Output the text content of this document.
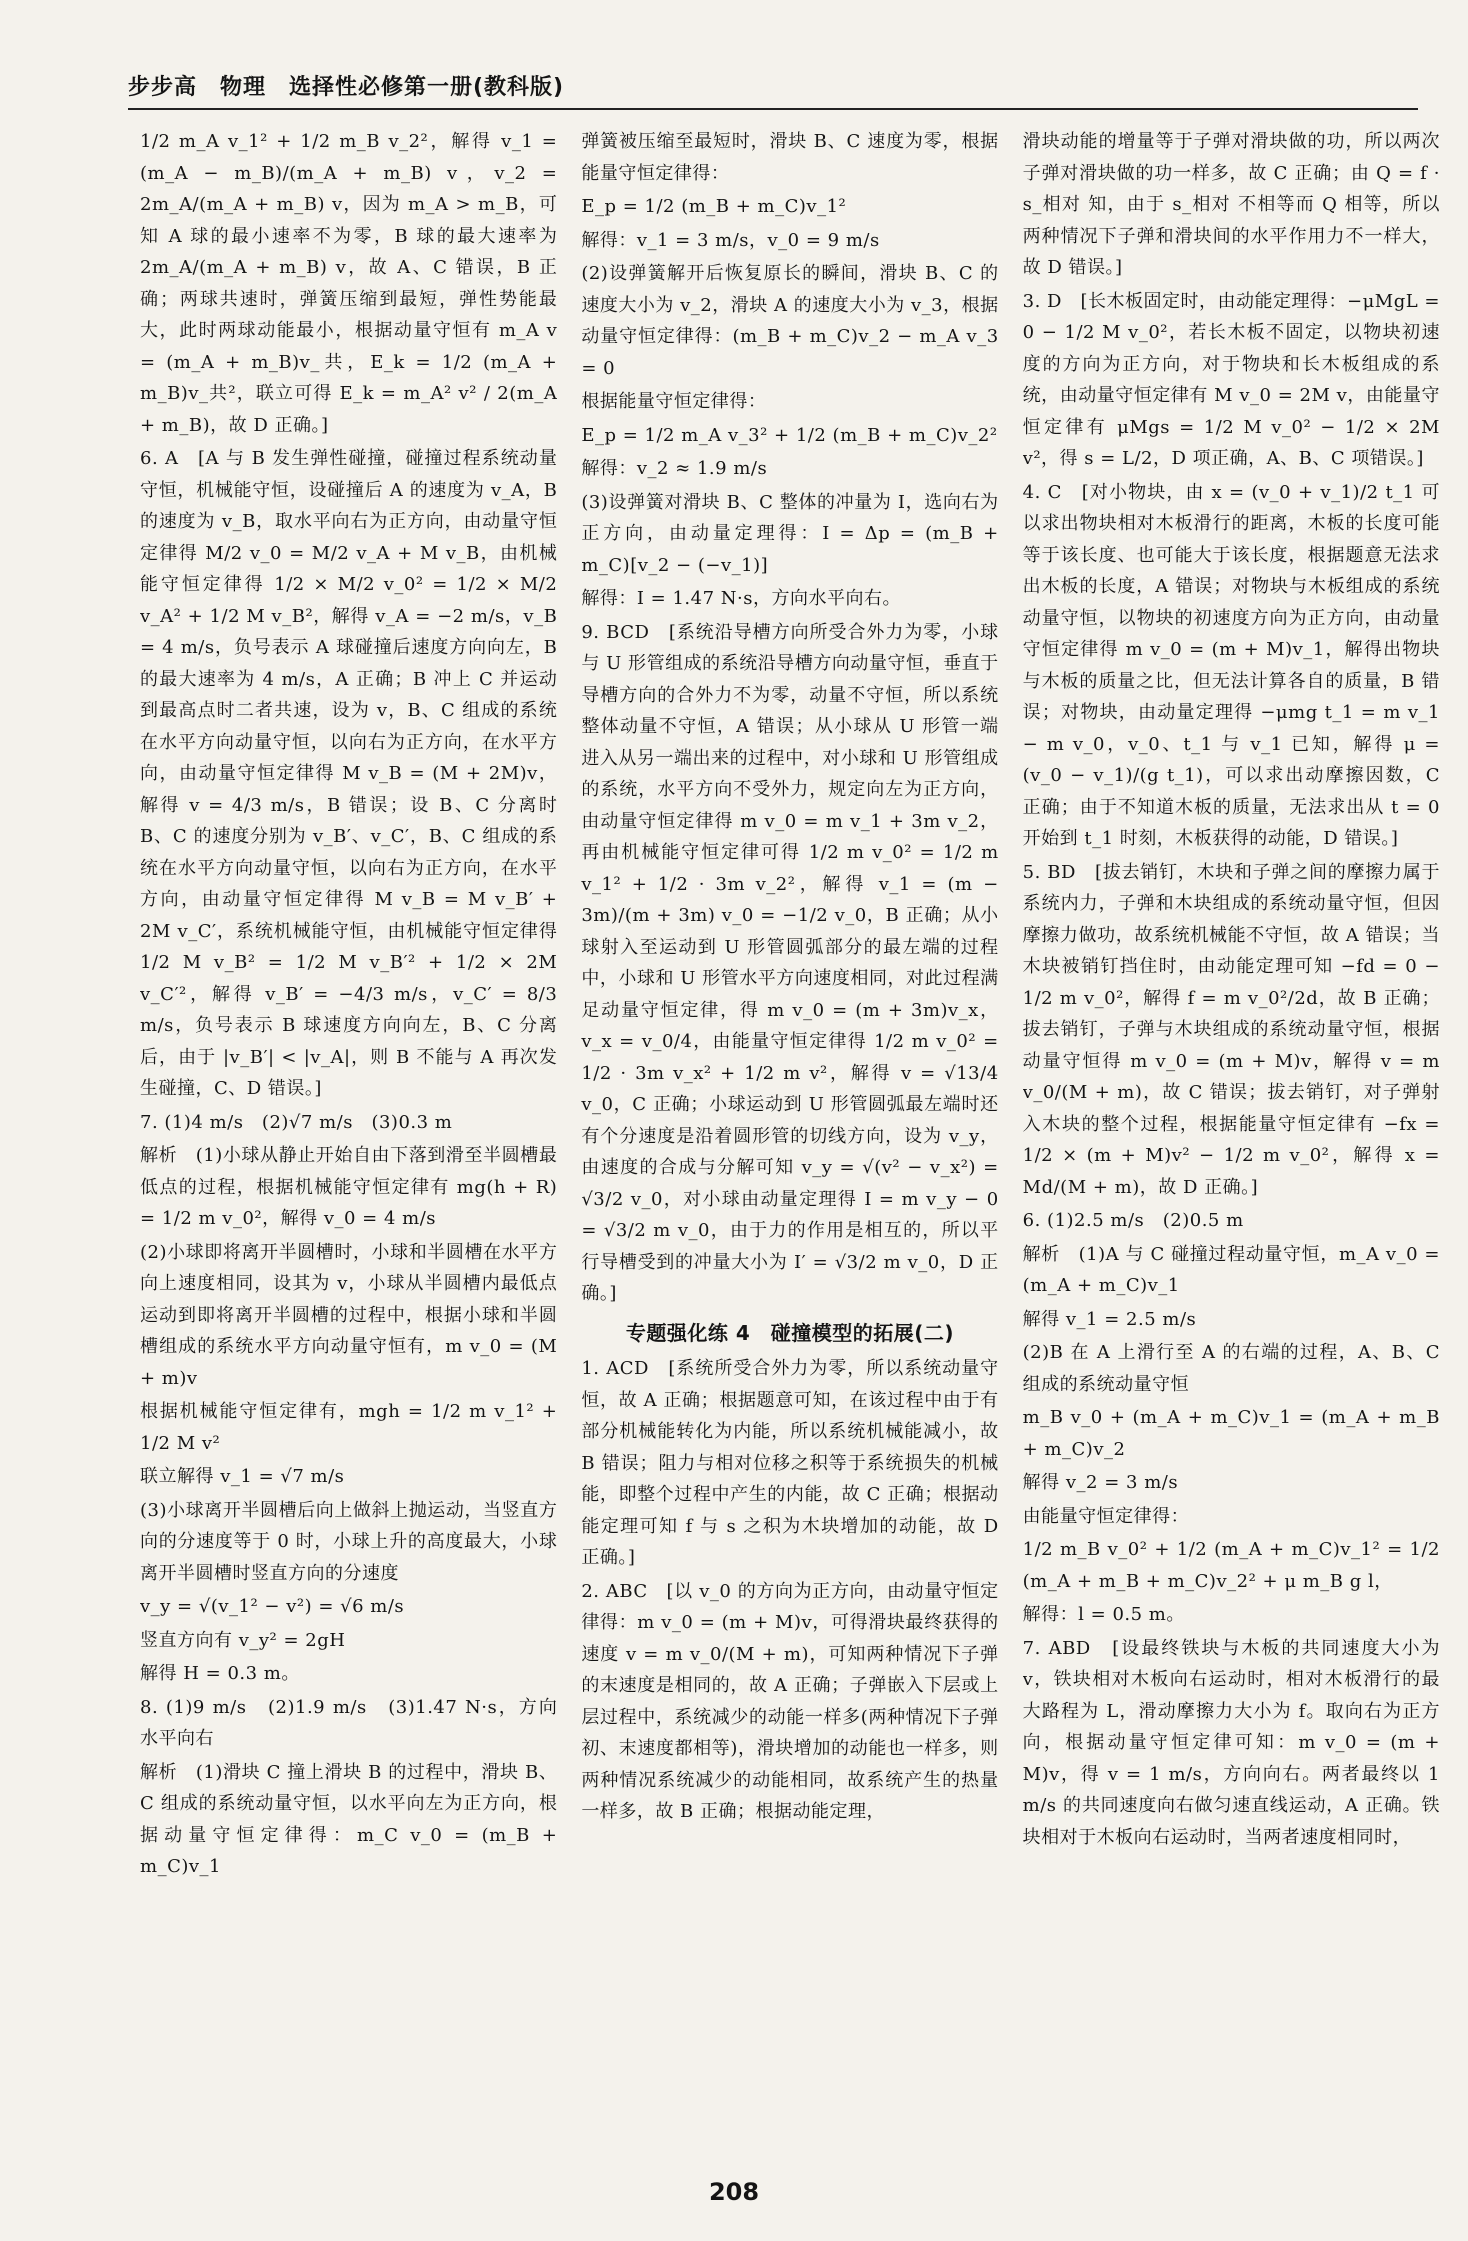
步步高　物理　选择性必修第一册(教科版)

1/2 m_A v_1² + 1/2 m_B v_2²，解得 v_1 = (m_A − m_B)/(m_A + m_B) v，v_2 = 2m_A/(m_A + m_B) v，因为 m_A > m_B，可知 A 球的最小速率不为零，B 球的最大速率为 2m_A/(m_A + m_B) v，故 A、C 错误，B 正确；两球共速时，弹簧压缩到最短，弹性势能最大，此时两球动能最小，根据动量守恒有 m_A v = (m_A + m_B)v_共，E_k = 1/2 (m_A + m_B)v_共²，联立可得 E_k = m_A² v² / 2(m_A + m_B)，故 D 正确。]

6. A　[A 与 B 发生弹性碰撞，碰撞过程系统动量守恒，机械能守恒，设碰撞后 A 的速度为 v_A，B 的速度为 v_B，取水平向右为正方向，由动量守恒定律得 M/2 v_0 = M/2 v_A + M v_B，由机械能守恒定律得 1/2 × M/2 v_0² = 1/2 × M/2 v_A² + 1/2 M v_B²，解得 v_A = −2 m/s，v_B = 4 m/s，负号表示 A 球碰撞后速度方向向左，B 的最大速率为 4 m/s，A 正确；B 冲上 C 并运动到最高点时二者共速，设为 v，B、C 组成的系统在水平方向动量守恒，以向右为正方向，在水平方向，由动量守恒定律得 M v_B = (M + 2M)v，解得 v = 4/3 m/s，B 错误；设 B、C 分离时 B、C 的速度分别为 v_B′、v_C′，B、C 组成的系统在水平方向动量守恒，以向右为正方向，在水平方向，由动量守恒定律得 M v_B = M v_B′ + 2M v_C′，系统机械能守恒，由机械能守恒定律得 1/2 M v_B² = 1/2 M v_B′² + 1/2 × 2M v_C′²，解得 v_B′ = −4/3 m/s，v_C′ = 8/3 m/s，负号表示 B 球速度方向向左，B、C 分离后，由于 |v_B′| < |v_A|，则 B 不能与 A 再次发生碰撞，C、D 错误。]

7. (1)4 m/s　(2)√7 m/s　(3)0.3 m

解析　(1)小球从静止开始自由下落到滑至半圆槽最低点的过程，根据机械能守恒定律有 mg(h + R) = 1/2 m v_0²，解得 v_0 = 4 m/s

(2)小球即将离开半圆槽时，小球和半圆槽在水平方向上速度相同，设其为 v，小球从半圆槽内最低点运动到即将离开半圆槽的过程中，根据小球和半圆槽组成的系统水平方向动量守恒有，m v_0 = (M + m)v

根据机械能守恒定律有，mgh = 1/2 m v_1² + 1/2 M v²

联立解得 v_1 = √7 m/s

(3)小球离开半圆槽后向上做斜上抛运动，当竖直方向的分速度等于 0 时，小球上升的高度最大，小球离开半圆槽时竖直方向的分速度

v_y = √(v_1² − v²) = √6 m/s

竖直方向有 v_y² = 2gH

解得 H = 0.3 m。

8. (1)9 m/s　(2)1.9 m/s　(3)1.47 N·s，方向水平向右

解析　(1)滑块 C 撞上滑块 B 的过程中，滑块 B、C 组成的系统动量守恒，以水平向左为正方向，根据动量守恒定律得：m_C v_0 = (m_B + m_C)v_1

弹簧被压缩至最短时，滑块 B、C 速度为零，根据能量守恒定律得：

E_p = 1/2 (m_B + m_C)v_1²

解得：v_1 = 3 m/s，v_0 = 9 m/s

(2)设弹簧解开后恢复原长的瞬间，滑块 B、C 的速度大小为 v_2，滑块 A 的速度大小为 v_3，根据动量守恒定律得：(m_B + m_C)v_2 − m_A v_3 = 0

根据能量守恒定律得：

E_p = 1/2 m_A v_3² + 1/2 (m_B + m_C)v_2²

解得：v_2 ≈ 1.9 m/s

(3)设弹簧对滑块 B、C 整体的冲量为 I，选向右为正方向，由动量定理得：I = Δp = (m_B + m_C)[v_2 − (−v_1)]

解得：I = 1.47 N·s，方向水平向右。

9. BCD　[系统沿导槽方向所受合外力为零，小球与 U 形管组成的系统沿导槽方向动量守恒，垂直于导槽方向的合外力不为零，动量不守恒，所以系统整体动量不守恒，A 错误；从小球从 U 形管一端进入从另一端出来的过程中，对小球和 U 形管组成的系统，水平方向不受外力，规定向左为正方向，由动量守恒定律得 m v_0 = m v_1 + 3m v_2，再由机械能守恒定律可得 1/2 m v_0² = 1/2 m v_1² + 1/2 · 3m v_2²，解得 v_1 = (m − 3m)/(m + 3m) v_0 = −1/2 v_0，B 正确；从小球射入至运动到 U 形管圆弧部分的最左端的过程中，小球和 U 形管水平方向速度相同，对此过程满足动量守恒定律，得 m v_0 = (m + 3m)v_x，v_x = v_0/4，由能量守恒定律得 1/2 m v_0² = 1/2 · 3m v_x² + 1/2 m v²，解得 v = √13/4 v_0，C 正确；小球运动到 U 形管圆弧最左端时还有个分速度是沿着圆形管的切线方向，设为 v_y，由速度的合成与分解可知 v_y = √(v² − v_x²) = √3/2 v_0，对小球由动量定理得 I = m v_y − 0 = √3/2 m v_0，由于力的作用是相互的，所以平行导槽受到的冲量大小为 I′ = √3/2 m v_0，D 正确。]

专题强化练 4　碰撞模型的拓展(二)

1. ACD　[系统所受合外力为零，所以系统动量守恒，故 A 正确；根据题意可知，在该过程中由于有部分机械能转化为内能，所以系统机械能减小，故 B 错误；阻力与相对位移之积等于系统损失的机械能，即整个过程中产生的内能，故 C 正确；根据动能定理可知 f 与 s 之积为木块增加的动能，故 D 正确。]

2. ABC　[以 v_0 的方向为正方向，由动量守恒定律得：m v_0 = (m + M)v，可得滑块最终获得的速度 v = m v_0/(M + m)，可知两种情况下子弹的末速度是相同的，故 A 正确；子弹嵌入下层或上层过程中，系统减少的动能一样多(两种情况下子弹初、末速度都相等)，滑块增加的动能也一样多，则两种情况系统减少的动能相同，故系统产生的热量一样多，故 B 正确；根据动能定理，

滑块动能的增量等于子弹对滑块做的功，所以两次子弹对滑块做的功一样多，故 C 正确；由 Q = f · s_相对 知，由于 s_相对 不相等而 Q 相等，所以两种情况下子弹和滑块间的水平作用力不一样大，故 D 错误。]

3. D　[长木板固定时，由动能定理得：−μMgL = 0 − 1/2 M v_0²，若长木板不固定，以物块初速度的方向为正方向，对于物块和长木板组成的系统，由动量守恒定律有 M v_0 = 2M v，由能量守恒定律有 μMgs = 1/2 M v_0² − 1/2 × 2M v²，得 s = L/2，D 项正确，A、B、C 项错误。]

4. C　[对小物块，由 x = (v_0 + v_1)/2 t_1 可以求出物块相对木板滑行的距离，木板的长度可能等于该长度、也可能大于该长度，根据题意无法求出木板的长度，A 错误；对物块与木板组成的系统动量守恒，以物块的初速度方向为正方向，由动量守恒定律得 m v_0 = (m + M)v_1，解得出物块与木板的质量之比，但无法计算各自的质量，B 错误；对物块，由动量定理得 −μmg t_1 = m v_1 − m v_0，v_0、t_1 与 v_1 已知，解得 μ = (v_0 − v_1)/(g t_1)，可以求出动摩擦因数，C 正确；由于不知道木板的质量，无法求出从 t = 0 开始到 t_1 时刻，木板获得的动能，D 错误。]

5. BD　[拔去销钉，木块和子弹之间的摩擦力属于系统内力，子弹和木块组成的系统动量守恒，但因摩擦力做功，故系统机械能不守恒，故 A 错误；当木块被销钉挡住时，由动能定理可知 −fd = 0 − 1/2 m v_0²，解得 f = m v_0²/2d，故 B 正确；拔去销钉，子弹与木块组成的系统动量守恒，根据动量守恒得 m v_0 = (m + M)v，解得 v = m v_0/(M + m)，故 C 错误；拔去销钉，对子弹射入木块的整个过程，根据能量守恒定律有 −fx = 1/2 × (m + M)v² − 1/2 m v_0²，解得 x = Md/(M + m)，故 D 正确。]

6. (1)2.5 m/s　(2)0.5 m

解析　(1)A 与 C 碰撞过程动量守恒，m_A v_0 = (m_A + m_C)v_1

解得 v_1 = 2.5 m/s

(2)B 在 A 上滑行至 A 的右端的过程，A、B、C 组成的系统动量守恒

m_B v_0 + (m_A + m_C)v_1 = (m_A + m_B + m_C)v_2

解得 v_2 = 3 m/s

由能量守恒定律得：

1/2 m_B v_0² + 1/2 (m_A + m_C)v_1² = 1/2 (m_A + m_B + m_C)v_2² + μ m_B g l，

解得：l = 0.5 m。

7. ABD　[设最终铁块与木板的共同速度大小为 v，铁块相对木板向右运动时，相对木板滑行的最大路程为 L，滑动摩擦力大小为 f。取向右为正方向，根据动量守恒定律可知：m v_0 = (m + M)v，得 v = 1 m/s，方向向右。两者最终以 1 m/s 的共同速度向右做匀速直线运动，A 正确。铁块相对于木板向右运动时，当两者速度相同时，

208
